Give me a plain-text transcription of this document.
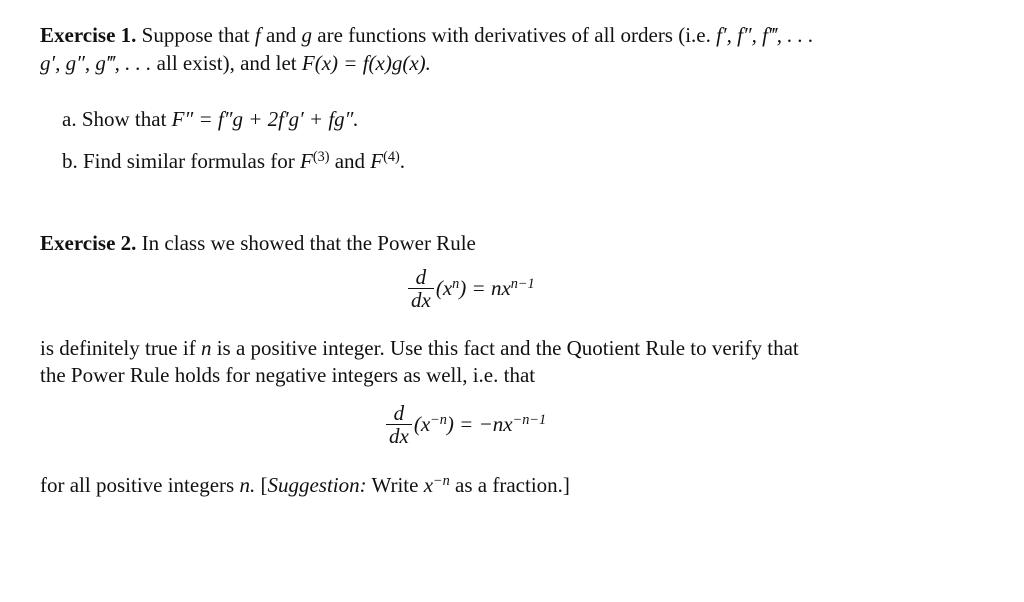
Exercise 1. Suppose that f and g are functions with derivatives of all orders (i.e. f′, f″, f‴, . . .
g′, g″, g‴, . . . all exist), and let F(x) = f(x)g(x).
a. Show that F″ = f″g + 2f′g′ + fg″.
b. Find similar formulas for $F^{(3)}$ and $F^{(4)}$.
Exercise 2. In class we showed that the Power Rule
$\frac{d}{dx} (x^n$ ) = $nx^{n-1}$
is definitely true if n is a positive integer. Use this fact and the Quotient Rule to verify that
the Power Rule holds for negative integers as well, i.e. that
$\frac{d}{dx} (x^{-n}$ ) = $-nx^{-n-1}$
for all positive integers n. [Suggestion: Write $x^{-n}$ as a fraction.]
